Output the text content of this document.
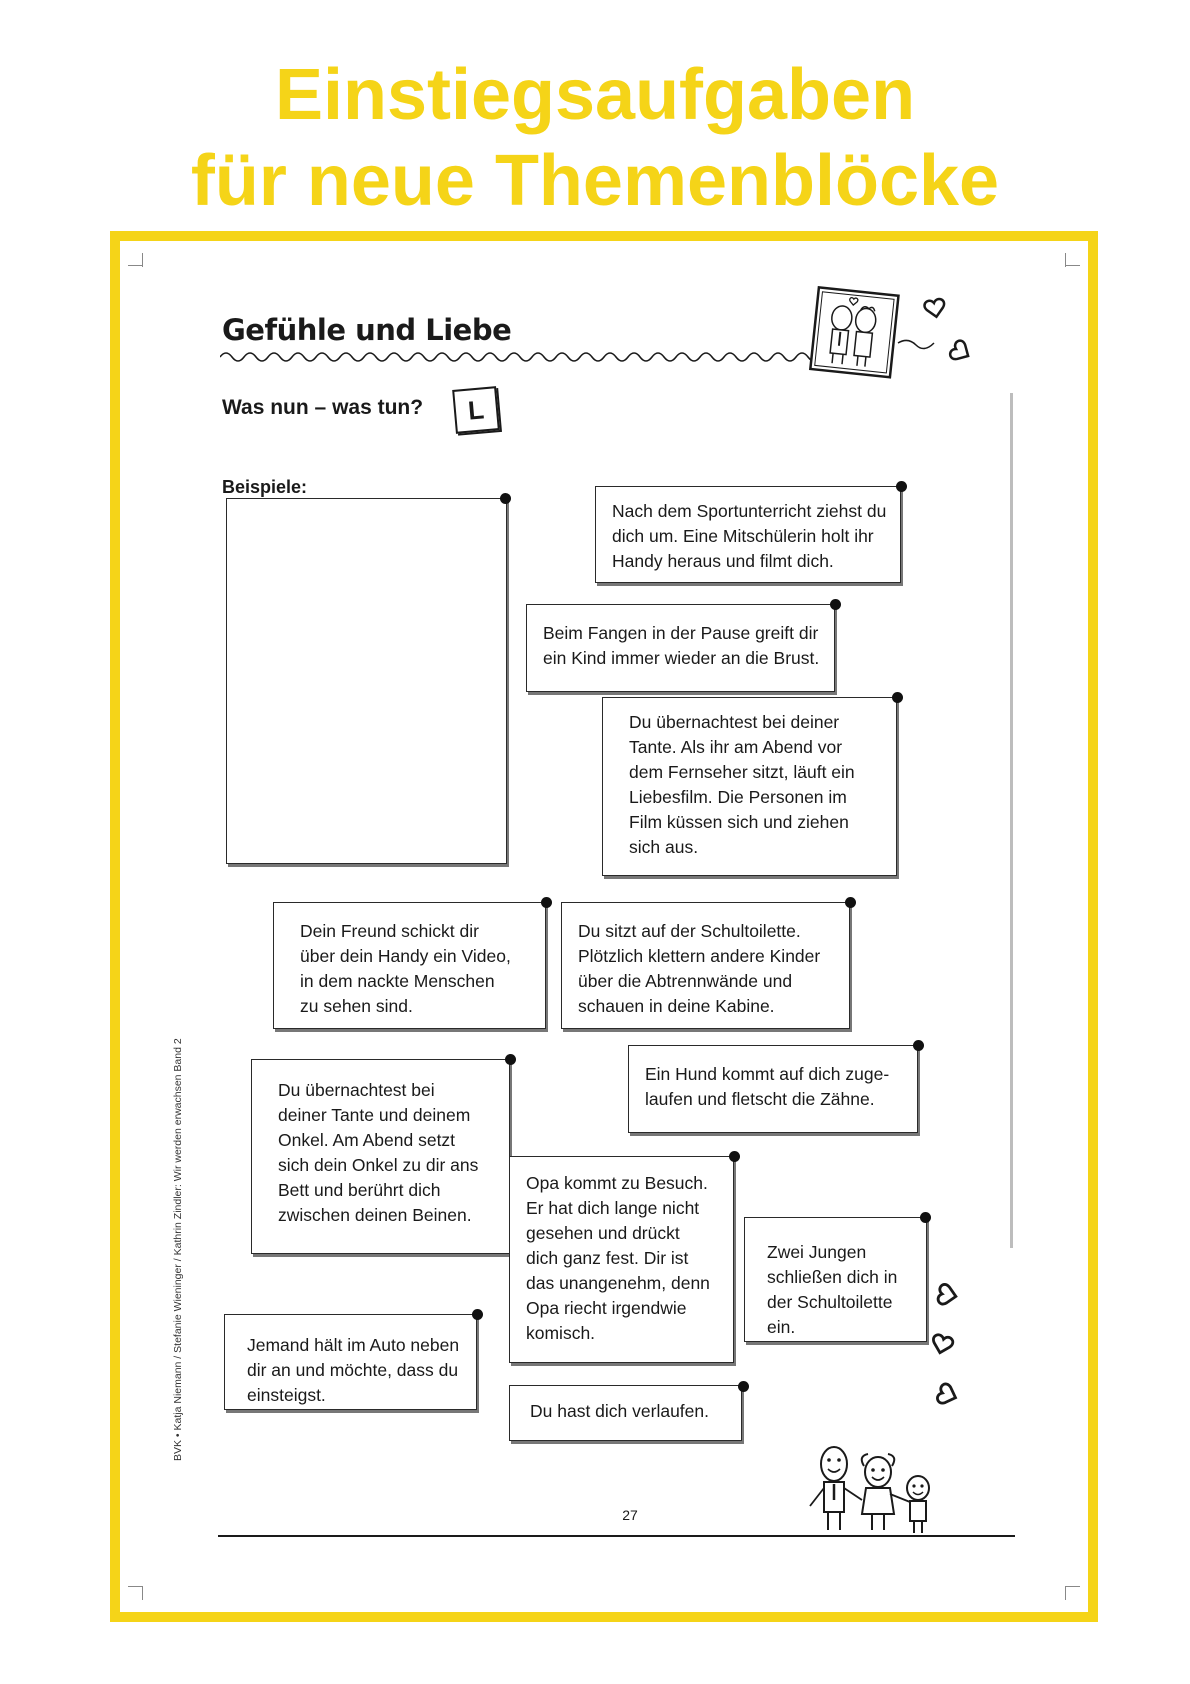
Einstiegsaufgaben
für neue Themenblöcke
Gefühle und Liebe
Was nun – was tun?	L
Beispiele:
Nach dem Sportunterricht ziehst du
dich um. Eine Mitschülerin holt ihr
Handy heraus und filmt dich.
Beim Fangen in der Pause greift dir
ein Kind immer wieder an die Brust.
Du übernachtest bei deiner
Tante. Als ihr am Abend vor
dem Fernseher sitzt, läuft ein
Liebesfilm. Die Personen im
Film küssen sich und ziehen
sich aus.
Dein Freund schickt dir
über dein Handy ein Video,
in dem nackte Menschen
zu sehen sind.
Du sitzt auf der Schultoilette.
Plötzlich klettern andere Kinder
über die Abtrennwände und
schauen in deine Kabine.
Ein Hund kommt auf dich zuge-
laufen und fletscht die Zähne.
Du übernachtest bei
deiner Tante und deinem
Onkel. Am Abend setzt
sich dein Onkel zu dir ans
Bett und berührt dich
zwischen deinen Beinen.
Opa kommt zu Besuch.
Er hat dich lange nicht
gesehen und drückt
dich ganz fest. Dir ist
das unangenehm, denn
Opa riecht irgendwie
komisch.
Zwei Jungen
schließen dich in
der Schultoilette
ein.
Jemand hält im Auto neben
dir an und möchte, dass du
einsteigst.
Du hast dich verlaufen.
27
BVK • Katja Niemann / Stefanie Wieninger / Kathrin Zindler: Wir werden erwachsen Band 2
